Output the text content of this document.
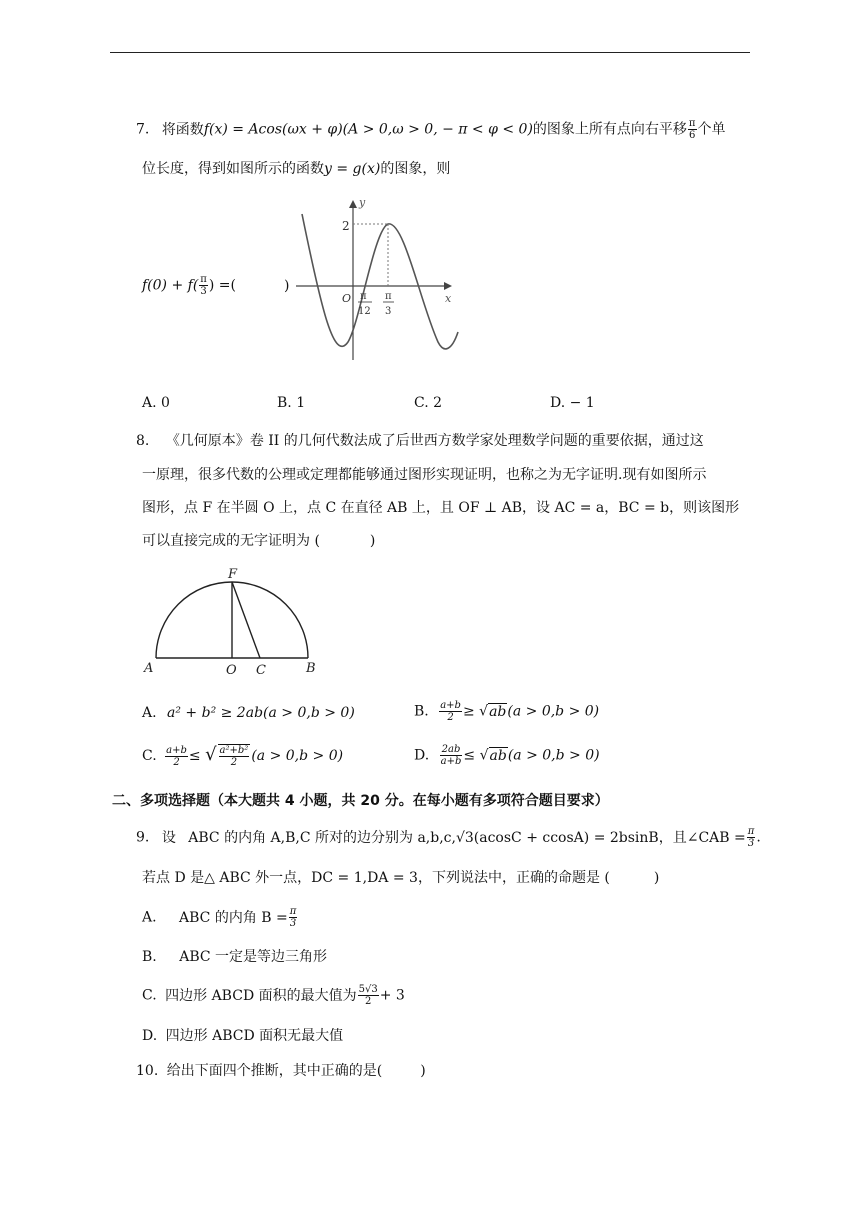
7. 将函数f(x) = Acos(ωx + φ)(A > 0,ω > 0, − π < φ < 0)的图象上所有点向右平移 $\frac{\pi}{6}$ 个单
位长度，得到如图所示的函数y = g(x)的图象，则
$f(0) + f( \frac{\pi}{3}$ ) =(	)
y
x
2
O π
12
π
3
A. 0	B. 1	C. 2	D. − 1
8. 《几何原本》卷 II 的几何代数法成了后世西方数学家处理数学问题的重要依据，通过这
一原理，很多代数的公理或定理都能够通过图形实现证明，也称之为无字证明.现有如图所示
图形，点 F 在半圆 O 上，点 C 在直径 AB 上，且 OF ⊥ AB，设 AC = a，BC = b，则该图形
可以直接完成的无字证明为 (	)
F
A	O C	B
A. a² + b² ≥ 2ab(a > 0,b > 0)	B. $\frac{a+b}{2} \ge √ab(a > 0,b > 0)$
C. $\frac{a+b}{2}$ ≤ √ $\frac{\text{a²+b²}}{2} (a > 0,b > 0)$	D. $\frac{2ab}{a+b} \le √ab(a > 0,b > 0)$
二、多项选择题（本大题共 4 小题，共 20 分。在每小题有多项符合题目要求）
9. 设 ABC 的内角 A,B,C 所对的边分别为 a,b,c,√3(acosC + ccosA) = 2bsinB，且∠CAB = $\frac{\pi}{3}$ .
若点 D 是△ ABC 外一点，DC = 1,DA = 3，下列说法中，正确的命题是 (	)
A. ABC 的内角 $B = \frac{\pi}{3}$
B. ABC 一定是等边三角形
C. 四边形 ABCD 面积的最大值为 $\frac{5√3}{2} + 3$
D. 四边形 ABCD 面积无最大值
10. 给出下面四个推断，其中正确的是(	)
